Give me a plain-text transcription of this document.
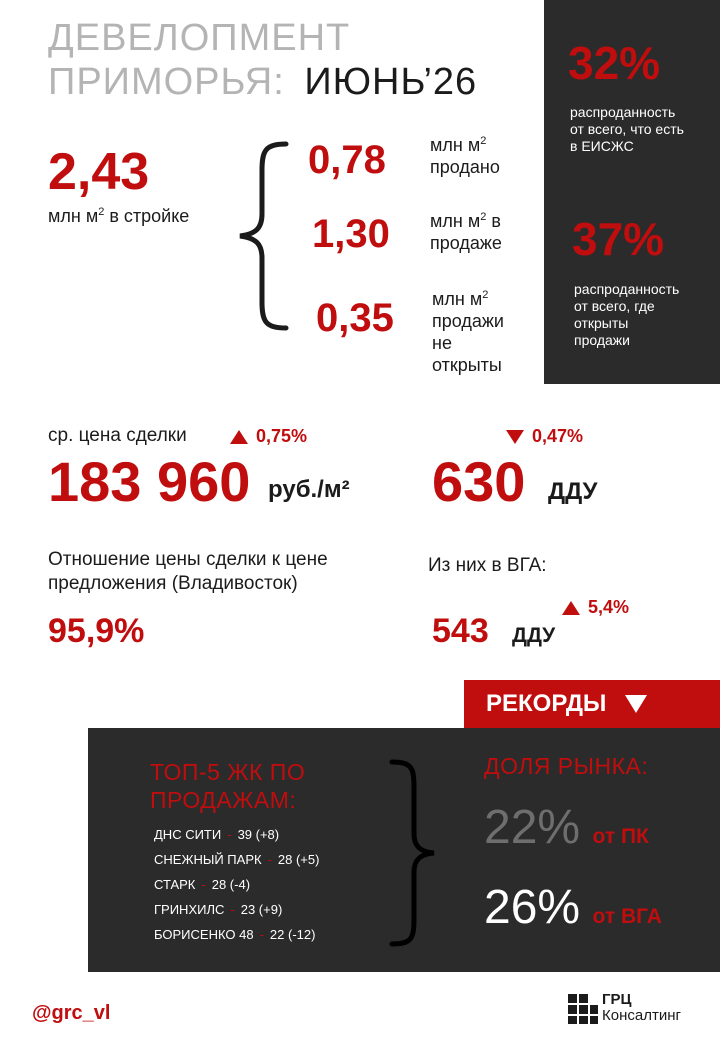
ДЕВЕЛОПМЕНТ
ПРИМОРЬЯ: ИЮНЬ’26 32%
распроданность
от всего, что есть
в ЕИСЖС
37%
распроданность
от всего, где
открыты
продажи
2,43
млн $м^2$ в стройке
0,78 млн $м^2$
продано
1,30 млн $м^2$ в
продаже
0,35 млн $м^2$
продажи
не
открыты
ср. цена сделки	0,75%
183 960 руб./м²
0,47%
630 ДДУ
Отношение цены сделки к цене
предложения (Владивосток)
95,9%
Из них в ВГА:
5,4%
543 ДДУ
РЕКОРДЫ
ТОП-5 ЖК ПО
ПРОДАЖАМ:
ДНС СИТИ - 39 (+8)
СНЕЖНЫЙ ПАРК - 28 (+5)
СТАРК - 28 (-4)
ГРИНХИЛС - 23 (+9)
БОРИСЕНКО 48 - 22 (-12)
ДОЛЯ РЫНКА:
22% от ПК
26% от ВГА
@grc_vl
ГРЦ
Консалтинг
